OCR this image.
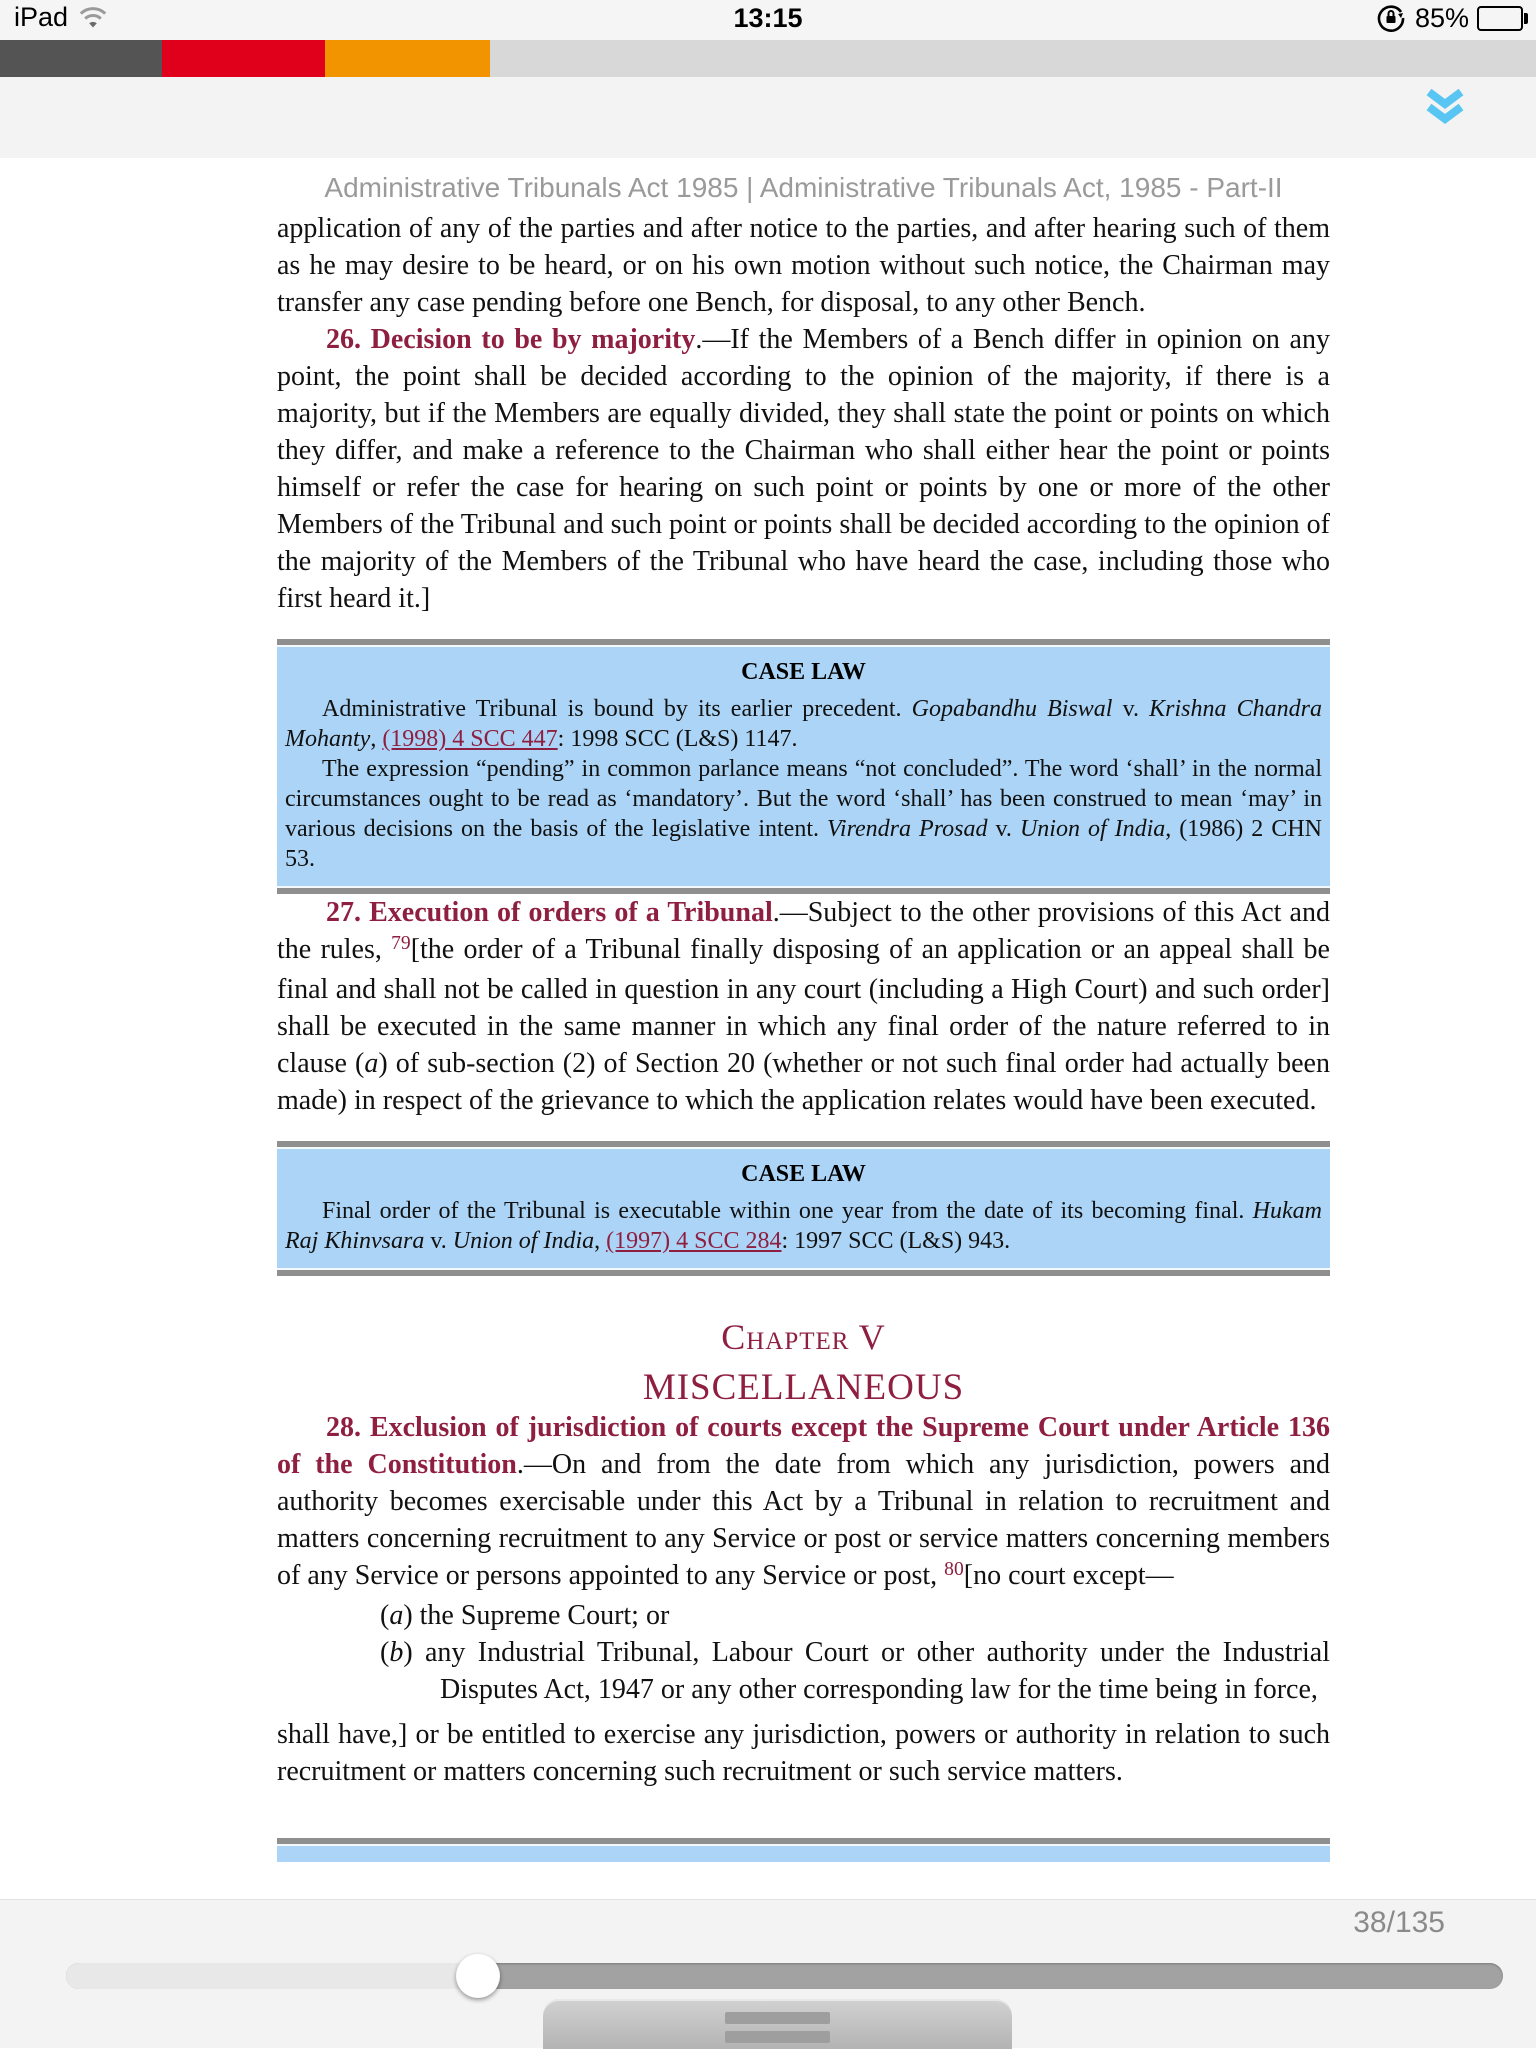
iPad	13:15	85%
Administrative Tribunals Act 1985 | Administrative Tribunals Act, 1985 - Part-II

application of any of the parties and after notice to the parties, and after hearing such of them as he may desire to be heard, or on his own motion without such notice, the Chairman may transfer any case pending before one Bench, for disposal, to any other Bench.

26. Decision to be by majority.—If the Members of a Bench differ in opinion on any point, the point shall be decided according to the opinion of the majority, if there is a majority, but if the Members are equally divided, they shall state the point or points on which they differ, and make a reference to the Chairman who shall either hear the point or points himself or refer the case for hearing on such point or points by one or more of the other Members of the Tribunal and such point or points shall be decided according to the opinion of the majority of the Members of the Tribunal who have heard the case, including those who first heard it.]

CASE LAW

Administrative Tribunal is bound by its earlier precedent. Gopabandhu Biswal v. Krishna Chandra Mohanty, (1998) 4 SCC 447: 1998 SCC (L&S) 1147.

The expression “pending” in common parlance means “not concluded”. The word ‘shall’ in the normal circumstances ought to be read as ‘mandatory’. But the word ‘shall’ has been construed to mean ‘may’ in various decisions on the basis of the legislative intent. Virendra Prosad v. Union of India, (1986) 2 CHN 53.

27. Execution of orders of a Tribunal.—Subject to the other provisions of this Act and the rules, $^{79}$[the order of a Tribunal finally disposing of an application or an appeal shall be final and shall not be called in question in any court (including a High Court) and such order] shall be executed in the same manner in which any final order of the nature referred to in clause (a) of sub-section (2) of Section 20 (whether or not such final order had actually been made) in respect of the grievance to which the application relates would have been executed.

CASE LAW

Final order of the Tribunal is executable within one year from the date of its becoming final. Hukam Raj Khinvsara v. Union of India, (1997) 4 SCC 284: 1997 SCC (L&S) 943.

Chapter V
MISCELLANEOUS

28. Exclusion of jurisdiction of courts except the Supreme Court under Article 136 of the Constitution.—On and from the date from which any jurisdiction, powers and authority becomes exercisable under this Act by a Tribunal in relation to recruitment and matters concerning recruitment to any Service or post or service matters concerning members of any Service or persons appointed to any Service or post, $^{80}$[no court except—

(a) the Supreme Court; or

(b) any Industrial Tribunal, Labour Court or other authority under the Industrial Disputes Act, 1947 or any other corresponding law for the time being in force,

shall have,] or be entitled to exercise any jurisdiction, powers or authority in relation to such recruitment or matters concerning such recruitment or such service matters.

38/135
